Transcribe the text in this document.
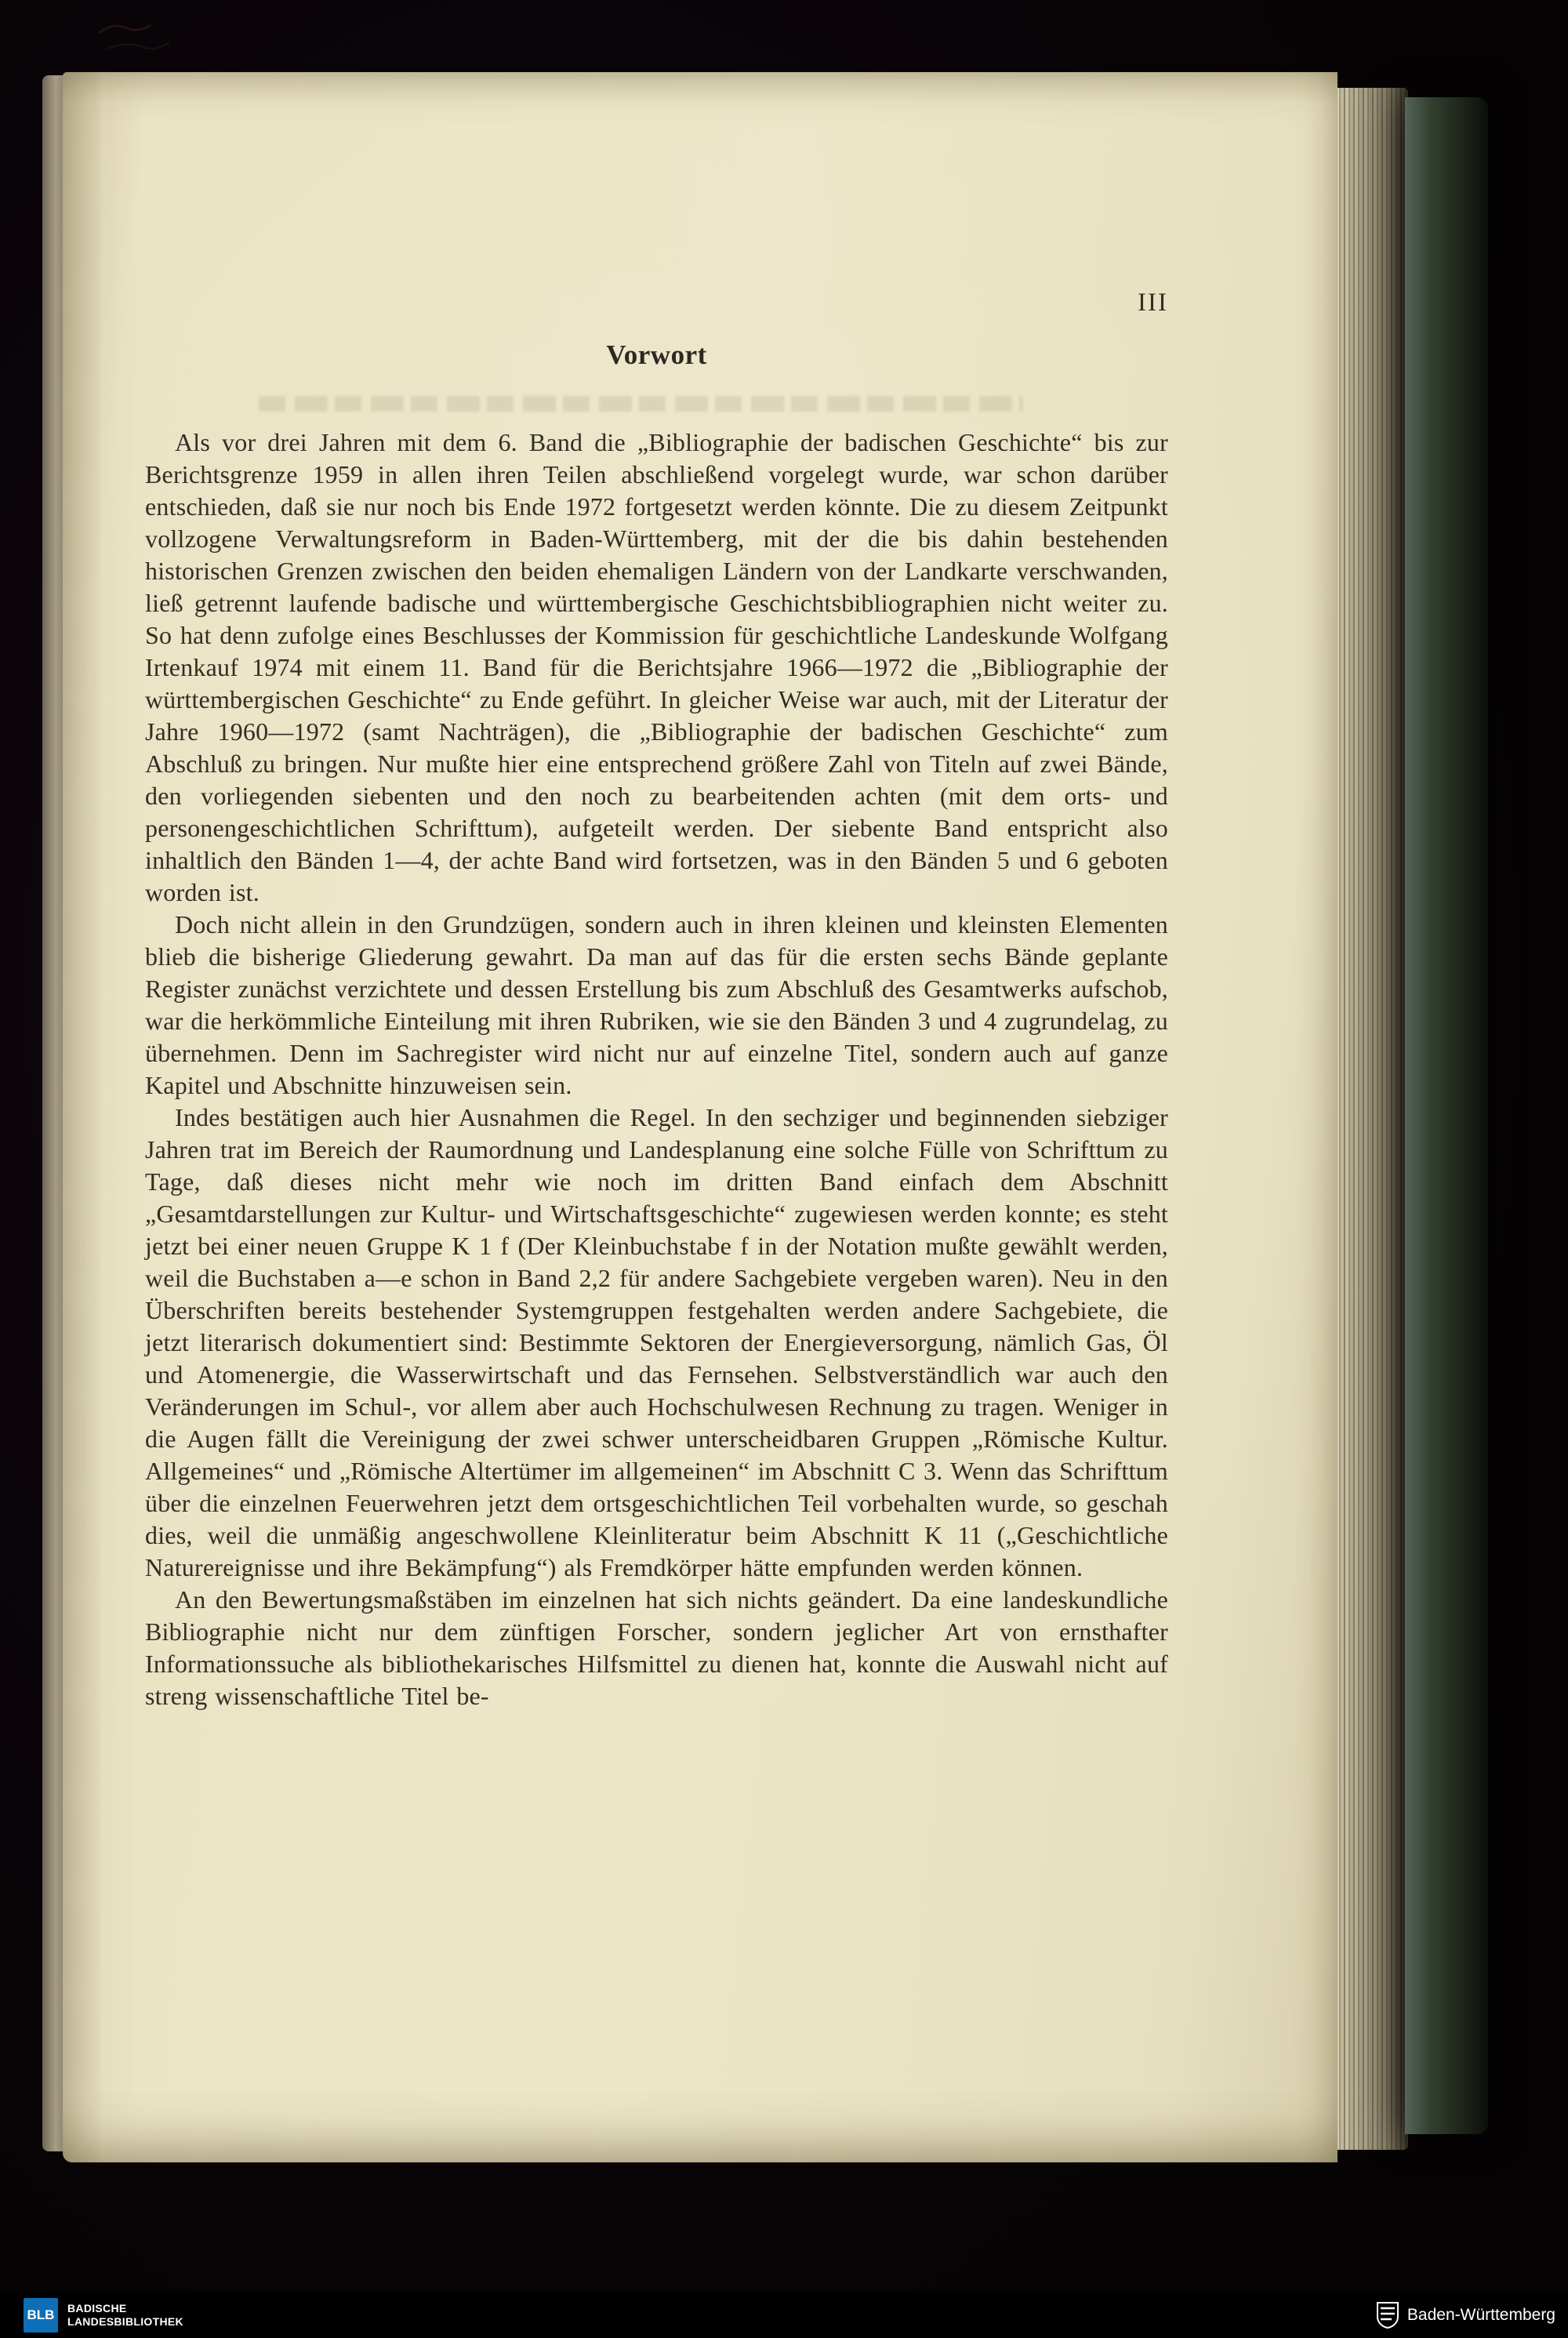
III
Vorwort

Als vor drei Jahren mit dem 6. Band die „Bibliographie der badischen Geschichte“ bis zur Berichtsgrenze 1959 in allen ihren Teilen abschließend vorgelegt wurde, war schon darüber entschieden, daß sie nur noch bis Ende 1972 fortgesetzt werden könnte. Die zu diesem Zeitpunkt vollzogene Verwaltungsreform in Baden-Württemberg, mit der die bis dahin bestehenden historischen Grenzen zwischen den beiden ehemaligen Ländern von der Landkarte verschwanden, ließ getrennt laufende badische und württembergische Geschichtsbibliographien nicht weiter zu. So hat denn zufolge eines Beschlusses der Kommission für geschichtliche Landeskunde Wolfgang Irtenkauf 1974 mit einem 11. Band für die Berichtsjahre 1966—1972 die „Bibliographie der württembergischen Geschichte“ zu Ende geführt. In gleicher Weise war auch, mit der Literatur der Jahre 1960—1972 (samt Nachträgen), die „Bibliographie der badischen Geschichte“ zum Abschluß zu bringen. Nur mußte hier eine entsprechend größere Zahl von Titeln auf zwei Bände, den vorliegenden siebenten und den noch zu bearbeitenden achten (mit dem orts- und personengeschichtlichen Schrifttum), aufgeteilt werden. Der siebente Band entspricht also inhaltlich den Bänden 1—4, der achte Band wird fortsetzen, was in den Bänden 5 und 6 geboten worden ist.

Doch nicht allein in den Grundzügen, sondern auch in ihren kleinen und kleinsten Elementen blieb die bisherige Gliederung gewahrt. Da man auf das für die ersten sechs Bände geplante Register zunächst verzichtete und dessen Erstellung bis zum Abschluß des Gesamtwerks aufschob, war die herkömmliche Einteilung mit ihren Rubriken, wie sie den Bänden 3 und 4 zugrundelag, zu übernehmen. Denn im Sachregister wird nicht nur auf einzelne Titel, sondern auch auf ganze Kapitel und Abschnitte hinzuweisen sein.

Indes bestätigen auch hier Ausnahmen die Regel. In den sechziger und beginnenden siebziger Jahren trat im Bereich der Raumordnung und Landesplanung eine solche Fülle von Schrifttum zu Tage, daß dieses nicht mehr wie noch im dritten Band einfach dem Abschnitt „Gesamtdarstellungen zur Kultur- und Wirtschaftsgeschichte“ zugewiesen werden konnte; es steht jetzt bei einer neuen Gruppe K 1 f (Der Kleinbuchstabe f in der Notation mußte gewählt werden, weil die Buchstaben a—e schon in Band 2,2 für andere Sachgebiete vergeben waren). Neu in den Überschriften bereits bestehender Systemgruppen festgehalten werden andere Sachgebiete, die jetzt literarisch dokumentiert sind: Bestimmte Sektoren der Energieversorgung, nämlich Gas, Öl und Atomenergie, die Wasserwirtschaft und das Fernsehen. Selbstverständlich war auch den Veränderungen im Schul-, vor allem aber auch Hochschulwesen Rechnung zu tragen. Weniger in die Augen fällt die Vereinigung der zwei schwer unterscheidbaren Gruppen „Römische Kultur. Allgemeines“ und „Römische Altertümer im allgemeinen“ im Abschnitt C 3. Wenn das Schrifttum über die einzelnen Feuerwehren jetzt dem ortsgeschichtlichen Teil vorbehalten wurde, so geschah dies, weil die unmäßig angeschwollene Kleinliteratur beim Abschnitt K 11 („Geschichtliche Naturereignisse und ihre Bekämpfung“) als Fremdkörper hätte empfunden werden können.

An den Bewertungsmaßstäben im einzelnen hat sich nichts geändert. Da eine landeskundliche Bibliographie nicht nur dem zünftigen Forscher, sondern jeglicher Art von ernsthafter Informationssuche als bibliothekarisches Hilfsmittel zu dienen hat, konnte die Auswahl nicht auf streng wissenschaftliche Titel be-

BLB	BADISCHE
LANDESBIBLIOTHEK	Baden-Württemberg
